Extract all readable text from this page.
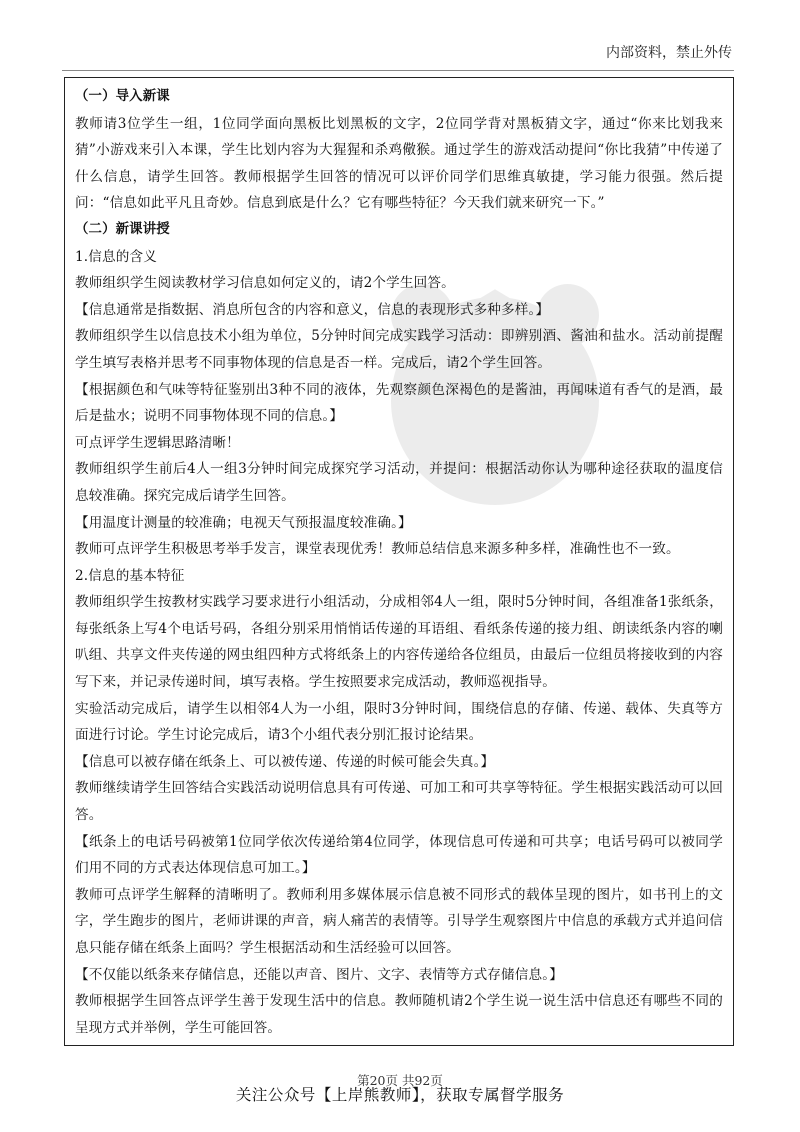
内部资料，禁止外传

（一）导入新课

教师请3位学生一组，1位同学面向黑板比划黑板的文字，2位同学背对黑板猜文字，通过“你来比划我来猜”小游戏来引入本课，学生比划内容为大猩猩和杀鸡儆猴。通过学生的游戏活动提问“你比我猜”中传递了什么信息，请学生回答。教师根据学生回答的情况可以评价同学们思维真敏捷，学习能力很强。然后提问：“信息如此平凡且奇妙。信息到底是什么？它有哪些特征？今天我们就来研究一下。”

（二）新课讲授

1.信息的含义

教师组织学生阅读教材学习信息如何定义的，请2个学生回答。

【信息通常是指数据、消息所包含的内容和意义，信息的表现形式多种多样。】

教师组织学生以信息技术小组为单位，5分钟时间完成实践学习活动：即辨别酒、酱油和盐水。活动前提醒学生填写表格并思考不同事物体现的信息是否一样。完成后，请2个学生回答。

【根据颜色和气味等特征鉴别出3种不同的液体，先观察颜色深褐色的是酱油，再闻味道有香气的是酒，最后是盐水；说明不同事物体现不同的信息。】

可点评学生逻辑思路清晰！

教师组织学生前后4人一组3分钟时间完成探究学习活动，并提问：根据活动你认为哪种途径获取的温度信息较准确。探究完成后请学生回答。

【用温度计测量的较准确；电视天气预报温度较准确。】

教师可点评学生积极思考举手发言，课堂表现优秀！教师总结信息来源多种多样，准确性也不一致。

2.信息的基本特征

教师组织学生按教材实践学习要求进行小组活动，分成相邻4人一组，限时5分钟时间，各组准备1张纸条，每张纸条上写4个电话号码，各组分别采用悄悄话传递的耳语组、看纸条传递的接力组、朗读纸条内容的喇叭组、共享文件夹传递的网虫组四种方式将纸条上的内容传递给各位组员，由最后一位组员将接收到的内容写下来，并记录传递时间，填写表格。学生按照要求完成活动，教师巡视指导。

实验活动完成后，请学生以相邻4人为一小组，限时3分钟时间，围绕信息的存储、传递、载体、失真等方面进行讨论。学生讨论完成后，请3个小组代表分别汇报讨论结果。

【信息可以被存储在纸条上、可以被传递、传递的时候可能会失真。】

教师继续请学生回答结合实践活动说明信息具有可传递、可加工和可共享等特征。学生根据实践活动可以回答。

【纸条上的电话号码被第1位同学依次传递给第4位同学，体现信息可传递和可共享；电话号码可以被同学们用不同的方式表达体现信息可加工。】

教师可点评学生解释的清晰明了。教师利用多媒体展示信息被不同形式的载体呈现的图片，如书刊上的文字，学生跑步的图片，老师讲课的声音，病人痛苦的表情等。引导学生观察图片中信息的承载方式并追问信息只能存储在纸条上面吗？学生根据活动和生活经验可以回答。

【不仅能以纸条来存储信息，还能以声音、图片、文字、表情等方式存储信息。】

教师根据学生回答点评学生善于发现生活中的信息。教师随机请2个学生说一说生活中信息还有哪些不同的呈现方式并举例，学生可能回答。

第20页 共92页
关注公众号【上岸熊教师】，获取专属督学服务
